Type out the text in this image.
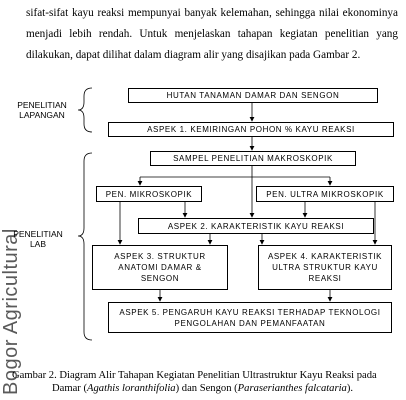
Bogor Agricultural

sifat-sifat kayu reaksi mempunyai banyak kelemahan, sehingga nilai ekonominya

menjadi lebih rendah. Untuk menjelaskan tahapan kegiatan penelitian yang

dilakukan, dapat dilihat dalam diagram alir yang disajikan pada Gambar 2.

PENELITIAN LAPANGAN
PENELITIAN LAB
HUTAN TANAMAN DAMAR DAN SENGON
ASPEK 1. KEMIRINGAN POHON % KAYU REAKSI
SAMPEL PENELITIAN MAKROSKOPIK
PEN. MIKROSKOPIK	PEN. ULTRA MIKROSKOPIK
ASPEK 2. KARAKTERISTIK KAYU REAKSI
ASPEK 3. STRUKTUR ANATOMI DAMAR & SENGON
ASPEK 4. KARAKTERISTIK ULTRA STRUKTUR KAYU REAKSI
ASPEK 5. PENGARUH KAYU REAKSI TERHADAP TEKNOLOGI PENGOLAHAN DAN PEMANFAATAN
Gambar 2. Diagram Alir Tahapan Kegiatan Penelitian Ultrastruktur Kayu Reaksi pada
Damar (Agathis loranthifolia) dan Sengon (Paraserianthes falcataria).
